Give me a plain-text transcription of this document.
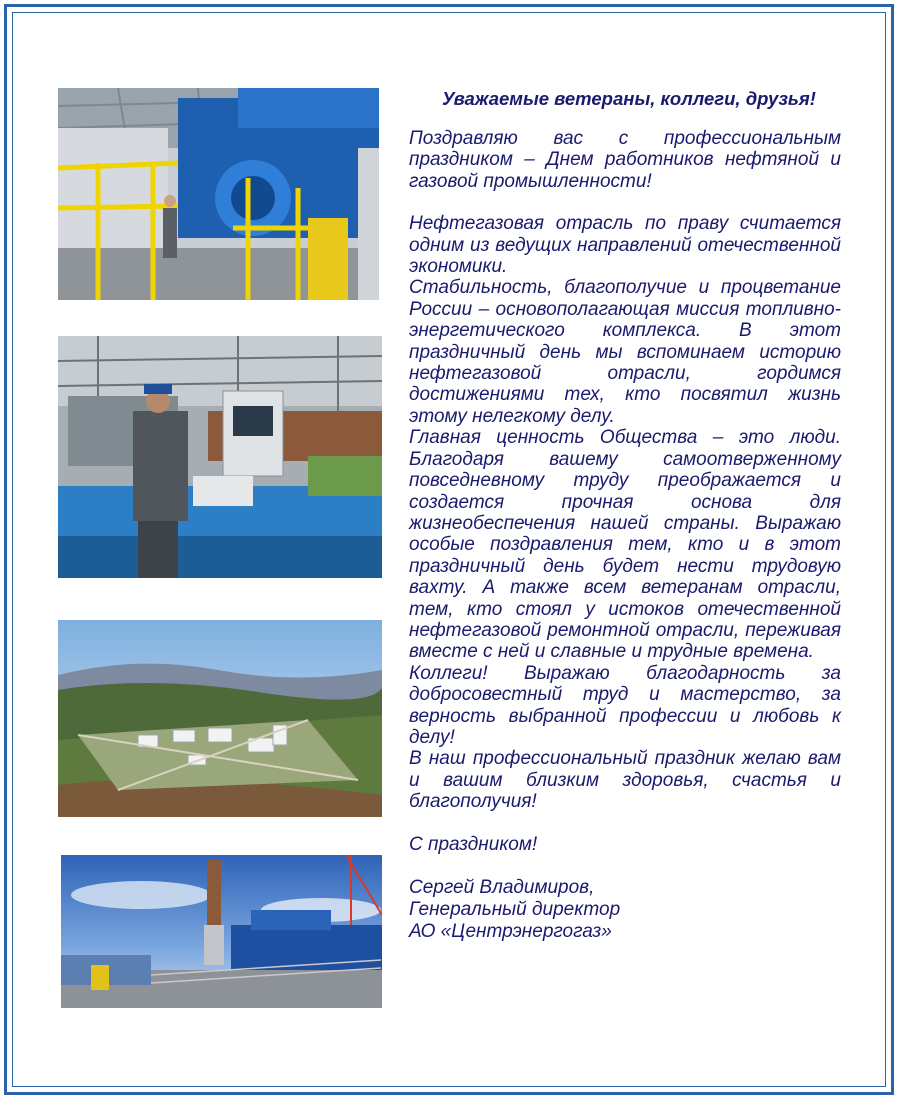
Уважаемые ветераны, коллеги, друзья!

Поздравляю вас с профессиональным праздником – Днем работников нефтяной и газовой промышленности!

Нефтегазовая отрасль по праву считается одним из ведущих направлений отечественной экономики.

Стабильность, благополучие и процветание России – основополагающая миссия топливно-энергетического комплекса. В этот праздничный день мы вспоминаем историю нефтегазовой отрасли, гордимся достижениями тех, кто посвятил жизнь этому нелегкому делу.

Главная ценность Общества – это люди. Благодаря вашему самоотверженному повседневному труду преображается и создается прочная основа для жизнеобеспечения нашей страны. Выражаю особые поздравления тем, кто и в этот праздничный день будет нести трудовую вахту. А также всем ветеранам отрасли, тем, кто стоял у истоков отечественной нефтегазовой ремонтной отрасли, переживая вместе с ней и славные и трудные времена.

Коллеги! Выражаю благодарность за добросовестный труд и мастерство, за верность выбранной профессии и любовь к делу!

В наш профессиональный праздник желаю вам и вашим близким здоровья, счастья и благополучия!

С праздником!

Сергей Владимиров,

Генеральный директор

АО «Центрэнергогаз»
